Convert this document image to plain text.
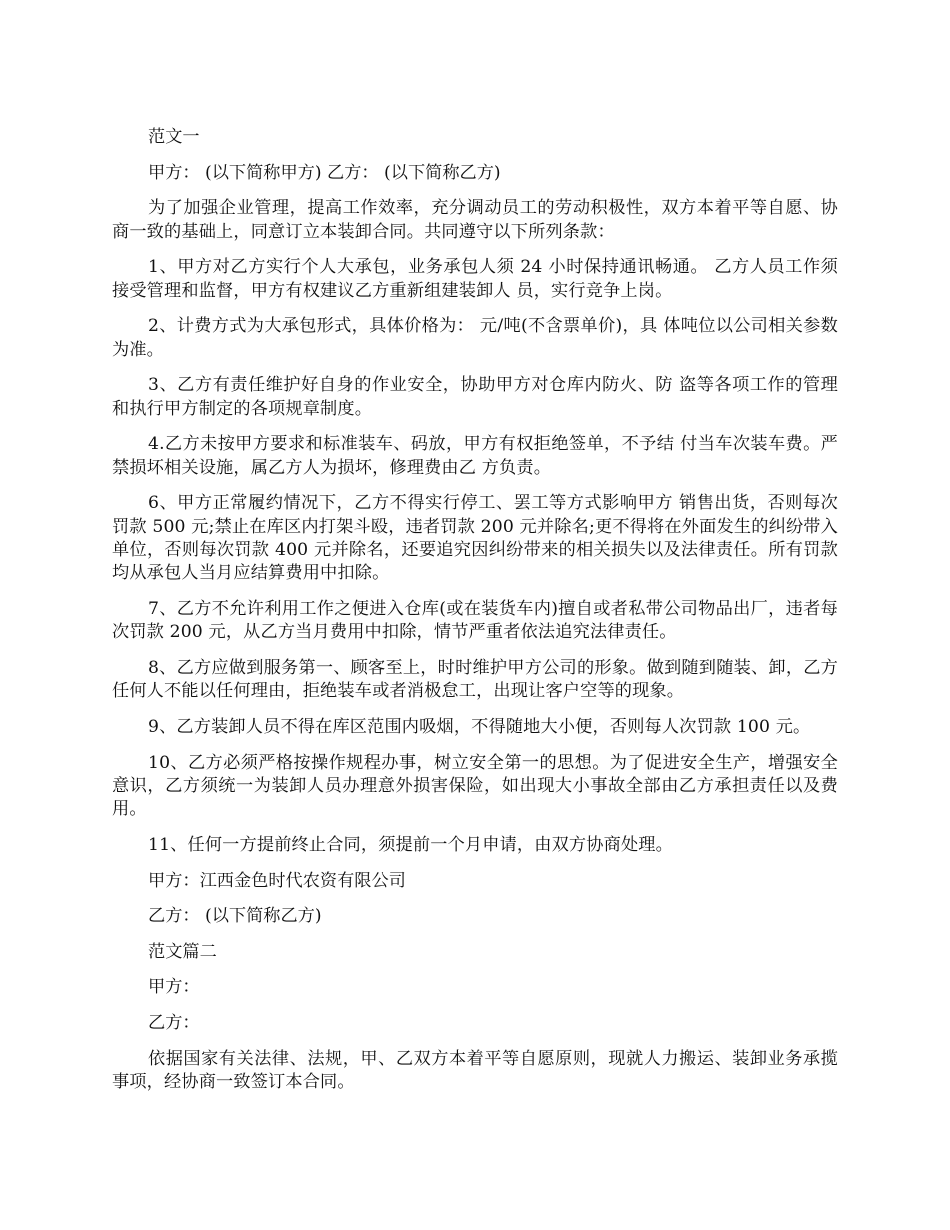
范文一

甲方： (以下简称甲方) 乙方： (以下简称乙方)

为了加强企业管理，提高工作效率，充分调动员工的劳动积极性，双方本着平等自愿、协商一致的基础上，同意订立本装卸合同。共同遵守以下所列条款：

1、甲方对乙方实行个人大承包，业务承包人须 24 小时保持通讯畅通。 乙方人员工作须接受管理和监督，甲方有权建议乙方重新组建装卸人 员，实行竞争上岗。

2、计费方式为大承包形式，具体价格为： 元/吨(不含票单价)，具 体吨位以公司相关参数为准。

3、乙方有责任维护好自身的作业安全，协助甲方对仓库内防火、防 盗等各项工作的管理和执行甲方制定的各项规章制度。

4.乙方未按甲方要求和标准装车、码放，甲方有权拒绝签单，不予结 付当车次装车费。严禁损坏相关设施，属乙方人为损坏，修理费由乙 方负责。

6、甲方正常履约情况下，乙方不得实行停工、罢工等方式影响甲方 销售出货，否则每次罚款 500 元;禁止在库区内打架斗殴，违者罚款 200 元并除名;更不得将在外面发生的纠纷带入单位，否则每次罚款 400 元并除名，还要追究因纠纷带来的相关损失以及法律责任。所有罚款均从承包人当月应结算费用中扣除。

7、乙方不允许利用工作之便进入仓库(或在装货车内)擅自或者私带公司物品出厂，违者每次罚款 200 元，从乙方当月费用中扣除，情节严重者依法追究法律责任。

8、乙方应做到服务第一、顾客至上，时时维护甲方公司的形象。做到随到随装、卸，乙方任何人不能以任何理由，拒绝装车或者消极怠工，出现让客户空等的现象。

9、乙方装卸人员不得在库区范围内吸烟，不得随地大小便，否则每人次罚款 100 元。

10、乙方必须严格按操作规程办事，树立安全第一的思想。为了促进安全生产，增强安全意识，乙方须统一为装卸人员办理意外损害保险，如出现大小事故全部由乙方承担责任以及费用。

11、任何一方提前终止合同，须提前一个月申请，由双方协商处理。

甲方：江西金色时代农资有限公司

乙方： (以下简称乙方)

范文篇二

甲方：

乙方：

依据国家有关法律、法规，甲、乙双方本着平等自愿原则，现就人力搬运、装卸业务承揽事项，经协商一致签订本合同。
